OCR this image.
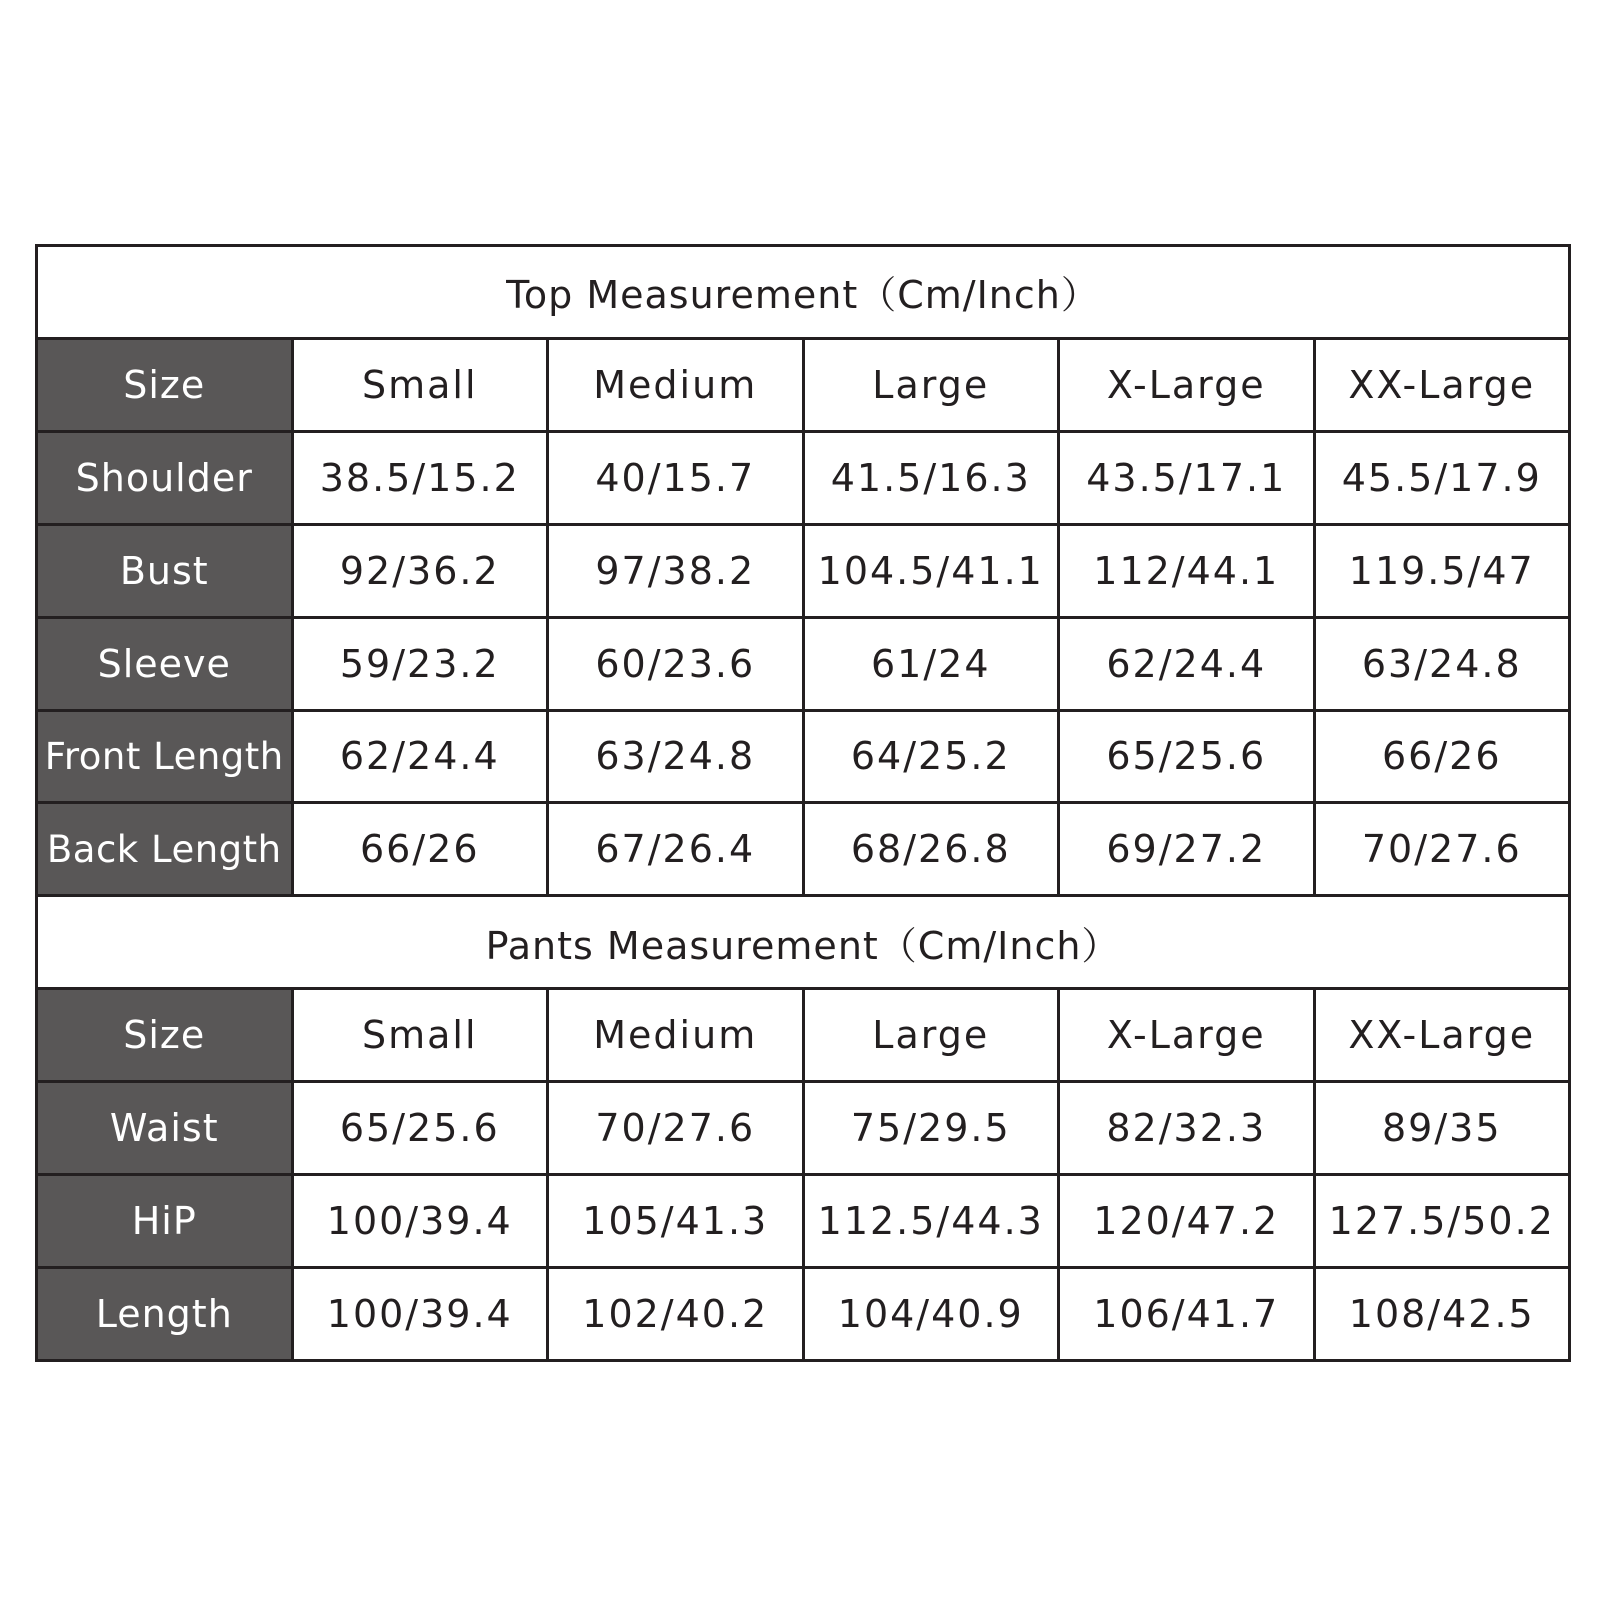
Top Measurement（Cm/Inch）					
Size	Small	Medium	Large	X-Large	XX-Large
Shoulder	38.5/15.2	40/15.7	41.5/16.3	43.5/17.1	45.5/17.9
Bust	92/36.2	97/38.2	104.5/41.1	112/44.1	119.5/47
Sleeve	59/23.2	60/23.6	61/24	62/24.4	63/24.8
Front Length	62/24.4	63/24.8	64/25.2	65/25.6	66/26
Back Length	66/26	67/26.4	68/26.8	69/27.2	70/27.6
Pants Measurement（Cm/Inch）					
Size	Small	Medium	Large	X-Large	XX-Large
Waist	65/25.6	70/27.6	75/29.5	82/32.3	89/35
HiP	100/39.4	105/41.3	112.5/44.3	120/47.2	127.5/50.2
Length	100/39.4	102/40.2	104/40.9	106/41.7	108/42.5
